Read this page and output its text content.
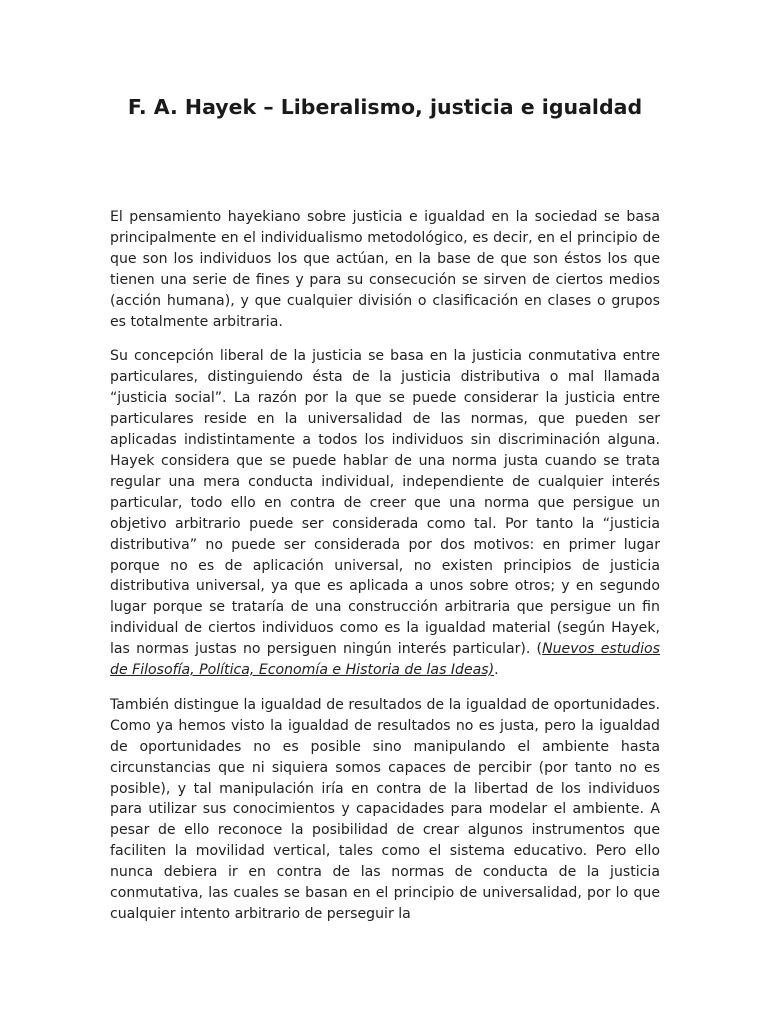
F. A. Hayek – Liberalismo, justicia e igualdad

El pensamiento hayekiano sobre justicia e igualdad en la sociedad se basa principalmente en el individualismo metodológico, es decir, en el principio de que son los individuos los que actúan, en la base de que son éstos los que tienen una serie de fines y para su consecución se sirven de ciertos medios (acción humana), y que cualquier división o clasificación en clases o grupos es totalmente arbitraria.

Su concepción liberal de la justicia se basa en la justicia conmutativa entre particulares, distinguiendo ésta de la justicia distributiva o mal llamada “justicia social”. La razón por la que se puede considerar la justicia entre particulares reside en la universalidad de las normas, que pueden ser aplicadas indistintamente a todos los individuos sin discriminación alguna. Hayek considera que se puede hablar de una norma justa cuando se trata regular una mera conducta individual, independiente de cualquier interés particular, todo ello en contra de creer que una norma que persigue un objetivo arbitrario puede ser considerada como tal. Por tanto la “justicia distributiva” no puede ser considerada por dos motivos: en primer lugar porque no es de aplicación universal, no existen principios de justicia distributiva universal, ya que es aplicada a unos sobre otros; y en segundo lugar porque se trataría de una construcción arbitraria que persigue un fin individual de ciertos individuos como es la igualdad material (según Hayek, las normas justas no persiguen ningún interés particular). (Nuevos estudios de Filosofía, Política, Economía e Historia de las Ideas).

También distingue la igualdad de resultados de la igualdad de oportunidades. Como ya hemos visto la igualdad de resultados no es justa, pero la igualdad de oportunidades no es posible sino manipulando el ambiente hasta circunstancias que ni siquiera somos capaces de percibir (por tanto no es posible), y tal manipulación iría en contra de la libertad de los individuos para utilizar sus conocimientos y capacidades para modelar el ambiente. A pesar de ello reconoce la posibilidad de crear algunos instrumentos que faciliten la movilidad vertical, tales como el sistema educativo. Pero ello nunca debiera ir en contra de las normas de conducta de la justicia conmutativa, las cuales se basan en el principio de universalidad, por lo que cualquier intento arbitrario de perseguir la
